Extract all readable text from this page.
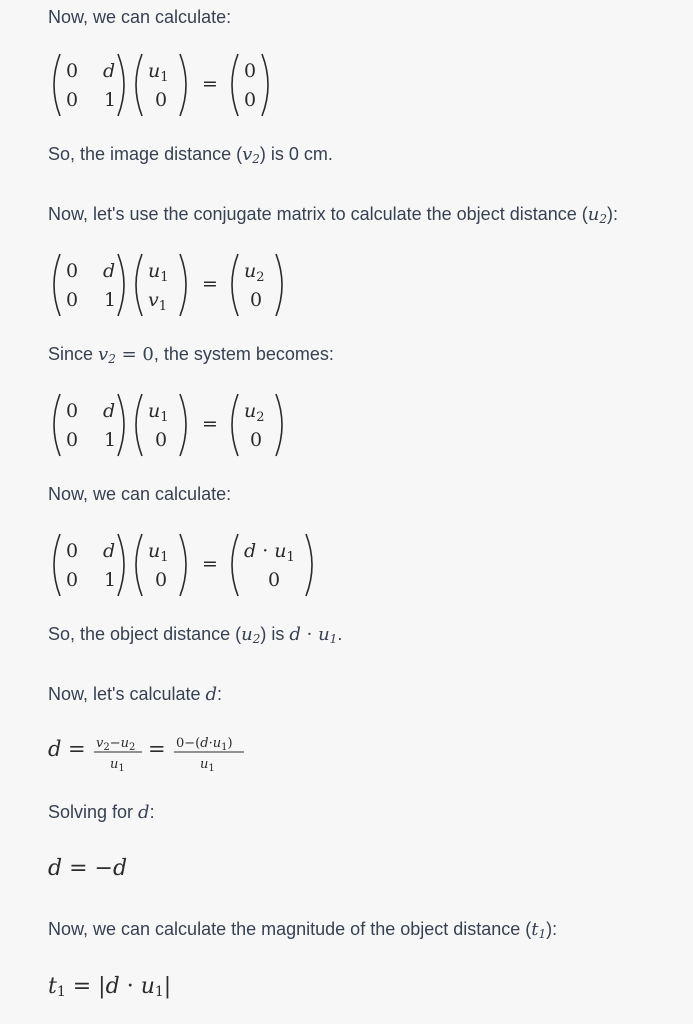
Now, we can calculate:
0 d
0 1
$u_1$
0
=
0
0
So, the image distance $(v_2)$ is 0 cm.
Now, let's use the conjugate matrix to calculate the object distance $(u_2)$:
0 d
0 1
$u_1$
$v_1$
=
$u_2$
0
Since $v_2 = 0$, the system becomes:
0 d
0 1
$u_1$
0
=
$u_2$
0
Now, we can calculate:
0 d
0 1
$u_1$
0
=
$d \cdot u_1$
0
So, the object distance $(u_2)$ is $d \cdot u_1$.
Now, let's calculate d:
$d = v_2-u_2$
$u_1$
= $0-(d\cdot u_1)$
$u_1$
Solving for d:
d = −d
Now, we can calculate the magnitude of the object distance $(t_1)$:
$t_1 = |d \cdot u_1|$
